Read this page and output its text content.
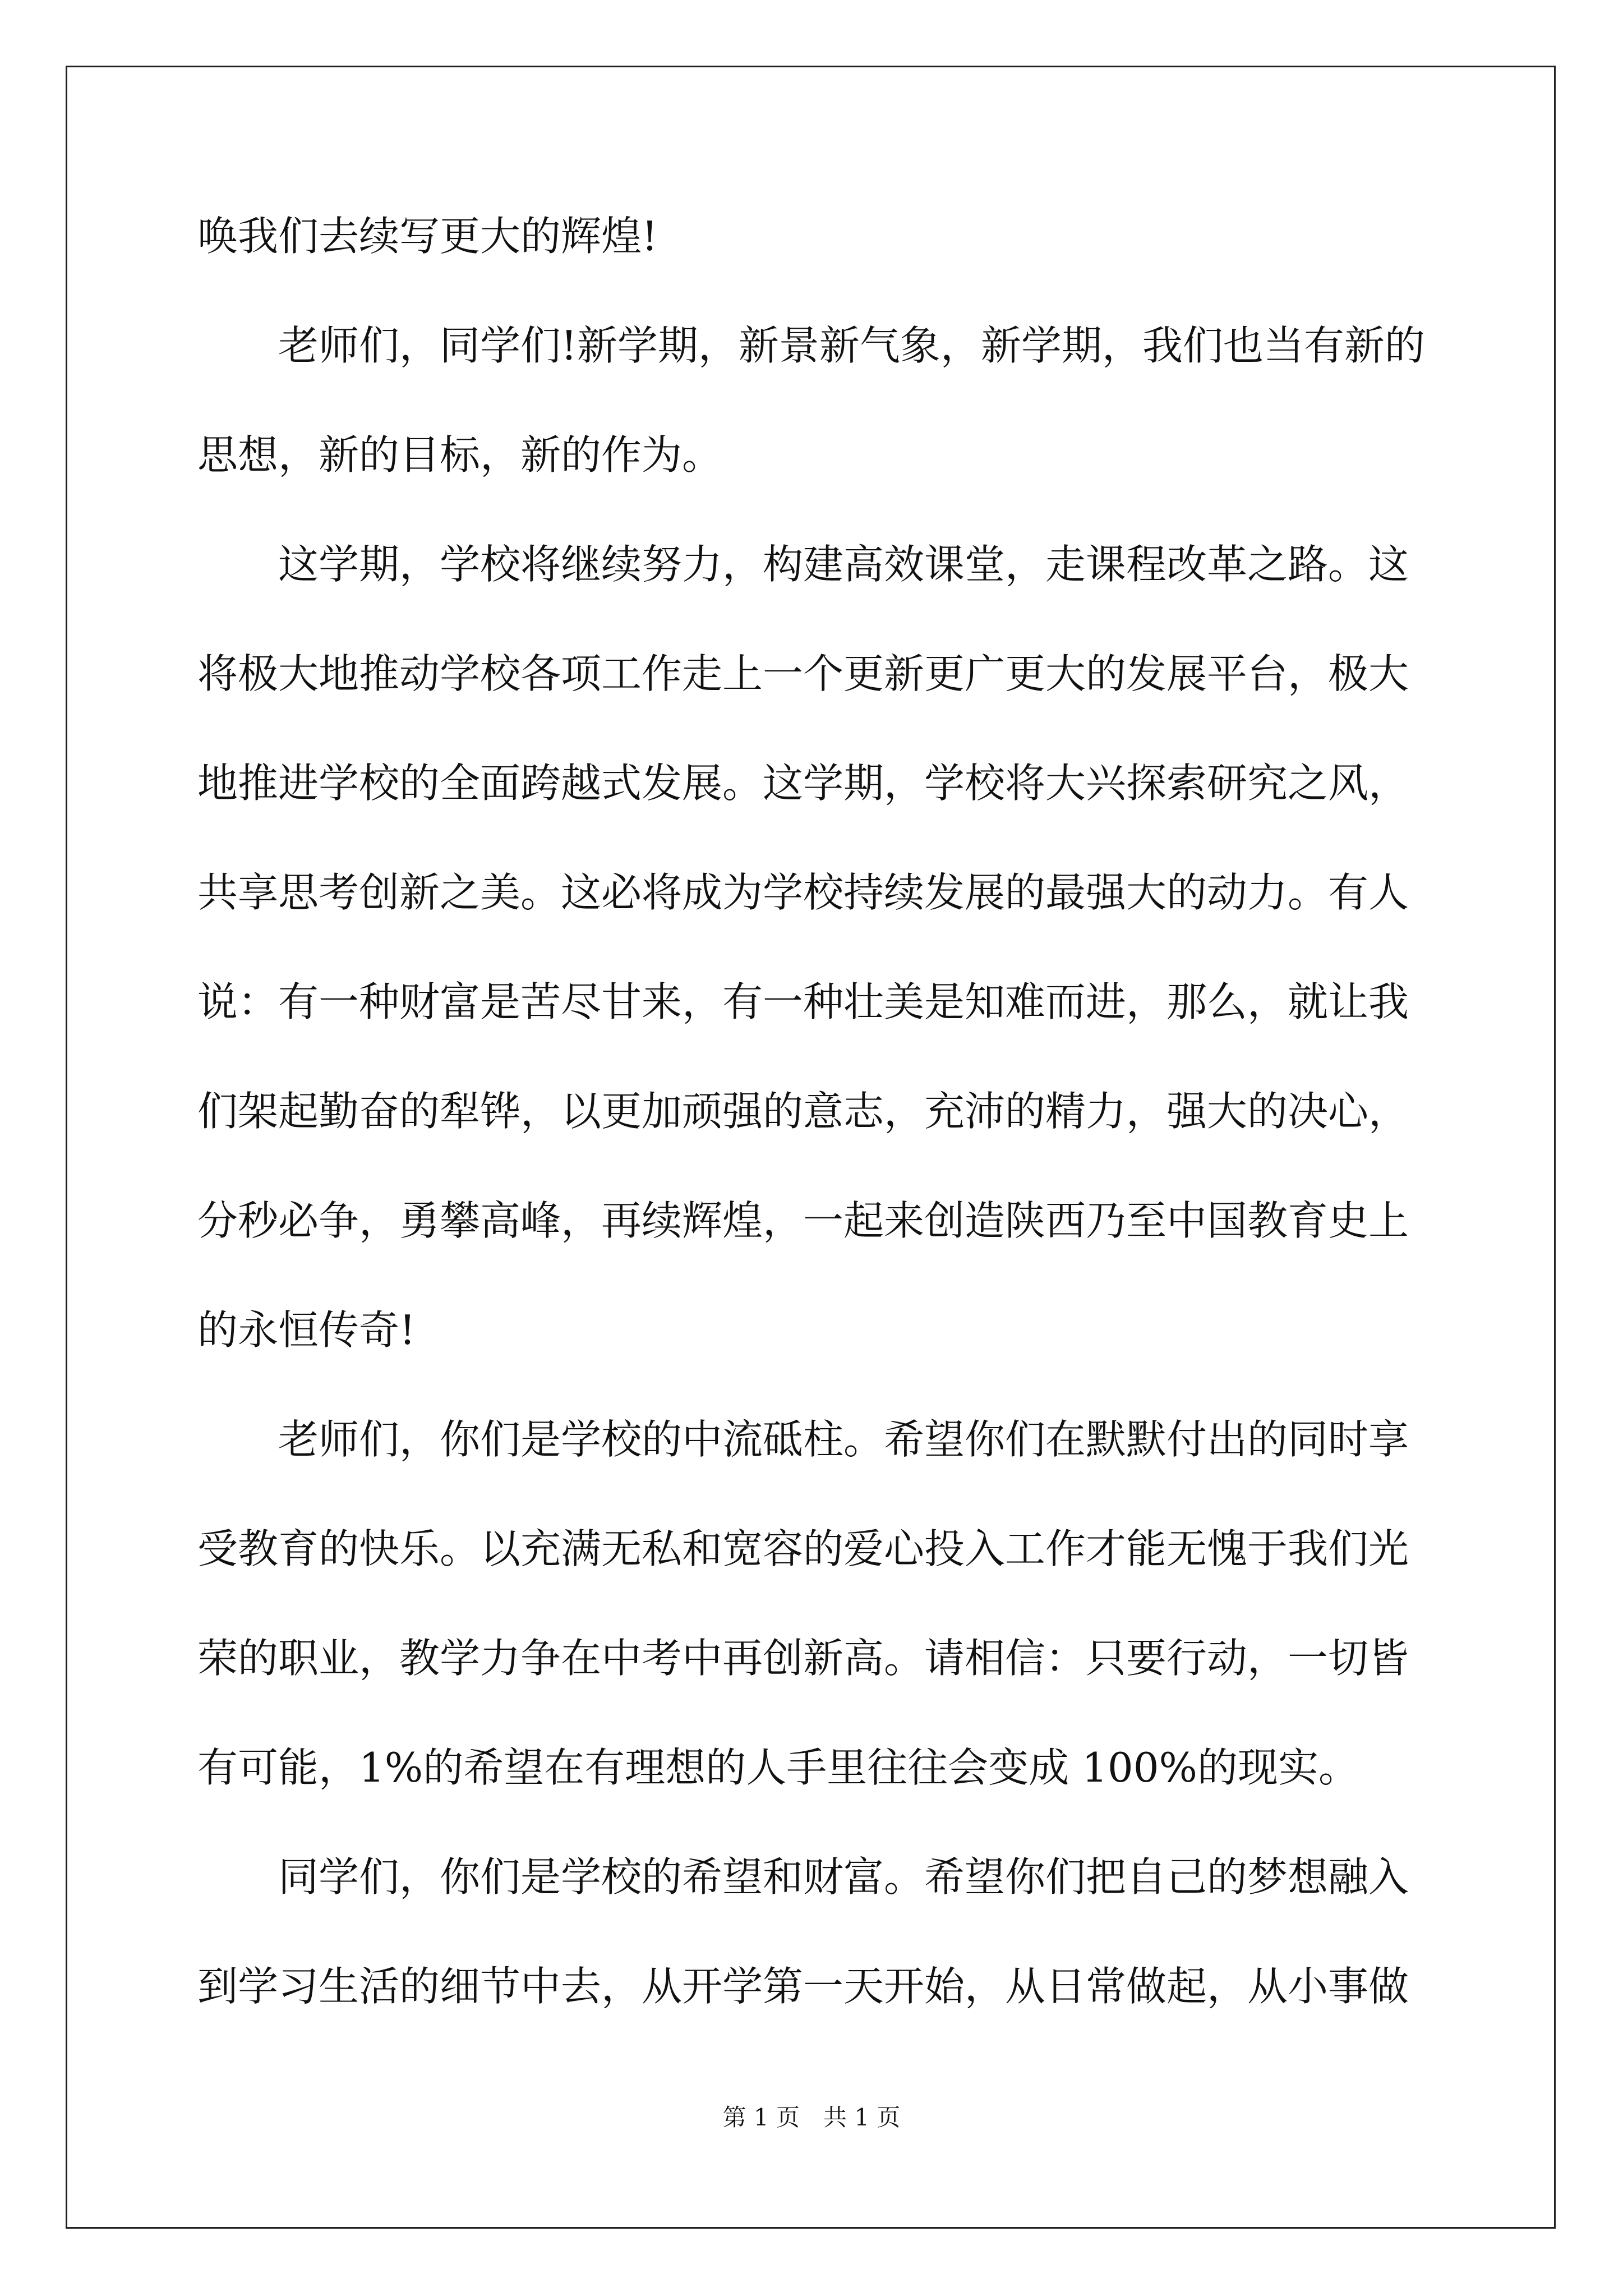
唤我们去续写更大的辉煌!
　　老师们，同学们!新学期，新景新气象，新学期，我们也当有新的
思想，新的目标，新的作为。
　　这学期，学校将继续努力，构建高效课堂，走课程改革之路。这
将极大地推动学校各项工作走上一个更新更广更大的发展平台，极大
地推进学校的全面跨越式发展。这学期，学校将大兴探索研究之风，
共享思考创新之美。这必将成为学校持续发展的最强大的动力。有人
说：有一种财富是苦尽甘来，有一种壮美是知难而进，那么，就让我
们架起勤奋的犁铧，以更加顽强的意志，充沛的精力，强大的决心，
分秒必争，勇攀高峰，再续辉煌，一起来创造陕西乃至中国教育史上
的永恒传奇!
　　老师们，你们是学校的中流砥柱。希望你们在默默付出的同时享
受教育的快乐。以充满无私和宽容的爱心投入工作才能无愧于我们光
荣的职业，教学力争在中考中再创新高。请相信：只要行动，一切皆
有可能，1%的希望在有理想的人手里往往会变成 100%的现实。
　　同学们，你们是学校的希望和财富。希望你们把自己的梦想融入
到学习生活的细节中去，从开学第一天开始，从日常做起，从小事做
第 1 页　共 1 页
